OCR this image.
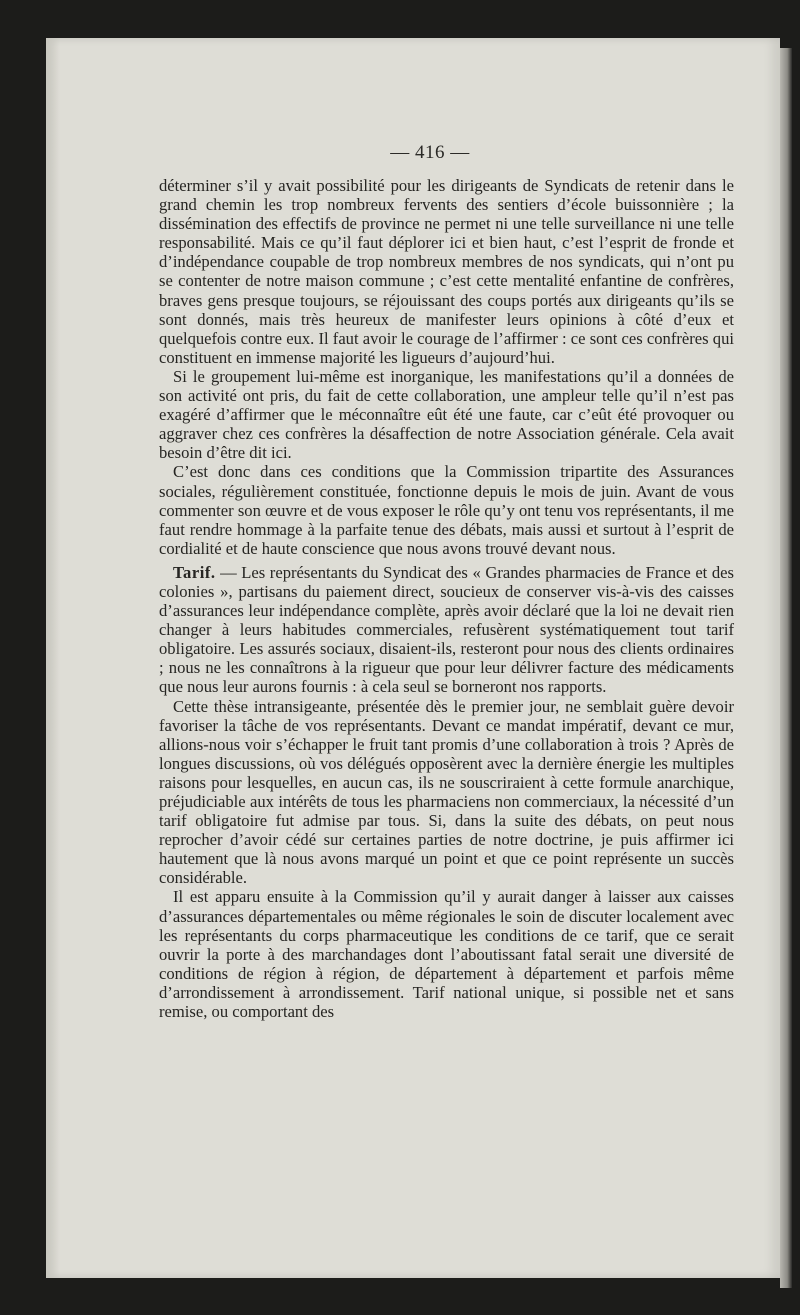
— 416 —

déterminer s’il y avait possibilité pour les dirigeants de Syndicats de retenir dans le grand chemin les trop nombreux fervents des sentiers d’école buissonnière ; la dissémination des effectifs de province ne permet ni une telle surveillance ni une telle responsabilité. Mais ce qu’il faut déplorer ici et bien haut, c’est l’esprit de fronde et d’indépendance coupable de trop nombreux membres de nos syndicats, qui n’ont pu se contenter de notre maison commune ; c’est cette mentalité enfantine de confrères, braves gens presque toujours, se réjouissant des coups portés aux dirigeants qu’ils se sont donnés, mais très heureux de manifester leurs opinions à côté d’eux et quelquefois contre eux. Il faut avoir le courage de l’affirmer : ce sont ces confrères qui constituent en immense majorité les ligueurs d’aujourd’hui.

Si le groupement lui-même est inorganique, les manifestations qu’il a données de son activité ont pris, du fait de cette collaboration, une ampleur telle qu’il n’est pas exagéré d’affirmer que le méconnaître eût été une faute, car c’eût été provoquer ou aggraver chez ces confrères la désaffection de notre Association générale. Cela avait besoin d’être dit ici.

C’est donc dans ces conditions que la Commission tripartite des Assurances sociales, régulièrement constituée, fonctionne depuis le mois de juin. Avant de vous commenter son œuvre et de vous exposer le rôle qu’y ont tenu vos représentants, il me faut rendre hommage à la parfaite tenue des débats, mais aussi et surtout à l’esprit de cordialité et de haute conscience que nous avons trouvé devant nous.

Tarif. — Les représentants du Syndicat des « Grandes pharmacies de France et des colonies », partisans du paiement direct, soucieux de conserver vis-à-vis des caisses d’assurances leur indépendance complète, après avoir déclaré que la loi ne devait rien changer à leurs habitudes commerciales, refusèrent systématiquement tout tarif obligatoire. Les assurés sociaux, disaient-ils, resteront pour nous des clients ordinaires ; nous ne les connaîtrons à la rigueur que pour leur délivrer facture des médicaments que nous leur aurons fournis : à cela seul se borneront nos rapports.

Cette thèse intransigeante, présentée dès le premier jour, ne semblait guère devoir favoriser la tâche de vos représentants. Devant ce mandat impératif, devant ce mur, allions-nous voir s’échapper le fruit tant promis d’une collaboration à trois ? Après de longues discussions, où vos délégués opposèrent avec la dernière énergie les multiples raisons pour lesquelles, en aucun cas, ils ne souscriraient à cette formule anarchique, préjudiciable aux intérêts de tous les pharmaciens non commerciaux, la nécessité d’un tarif obligatoire fut admise par tous. Si, dans la suite des débats, on peut nous reprocher d’avoir cédé sur certaines parties de notre doctrine, je puis affirmer ici hautement que là nous avons marqué un point et que ce point représente un succès considérable.

Il est apparu ensuite à la Commission qu’il y aurait danger à laisser aux caisses d’assurances départementales ou même régionales le soin de discuter localement avec les représentants du corps pharmaceutique les conditions de ce tarif, que ce serait ouvrir la porte à des marchandages dont l’aboutissant fatal serait une diversité de conditions de région à région, de département à département et parfois même d’arrondissement à arrondissement. Tarif national unique, si possible net et sans remise, ou comportant des
